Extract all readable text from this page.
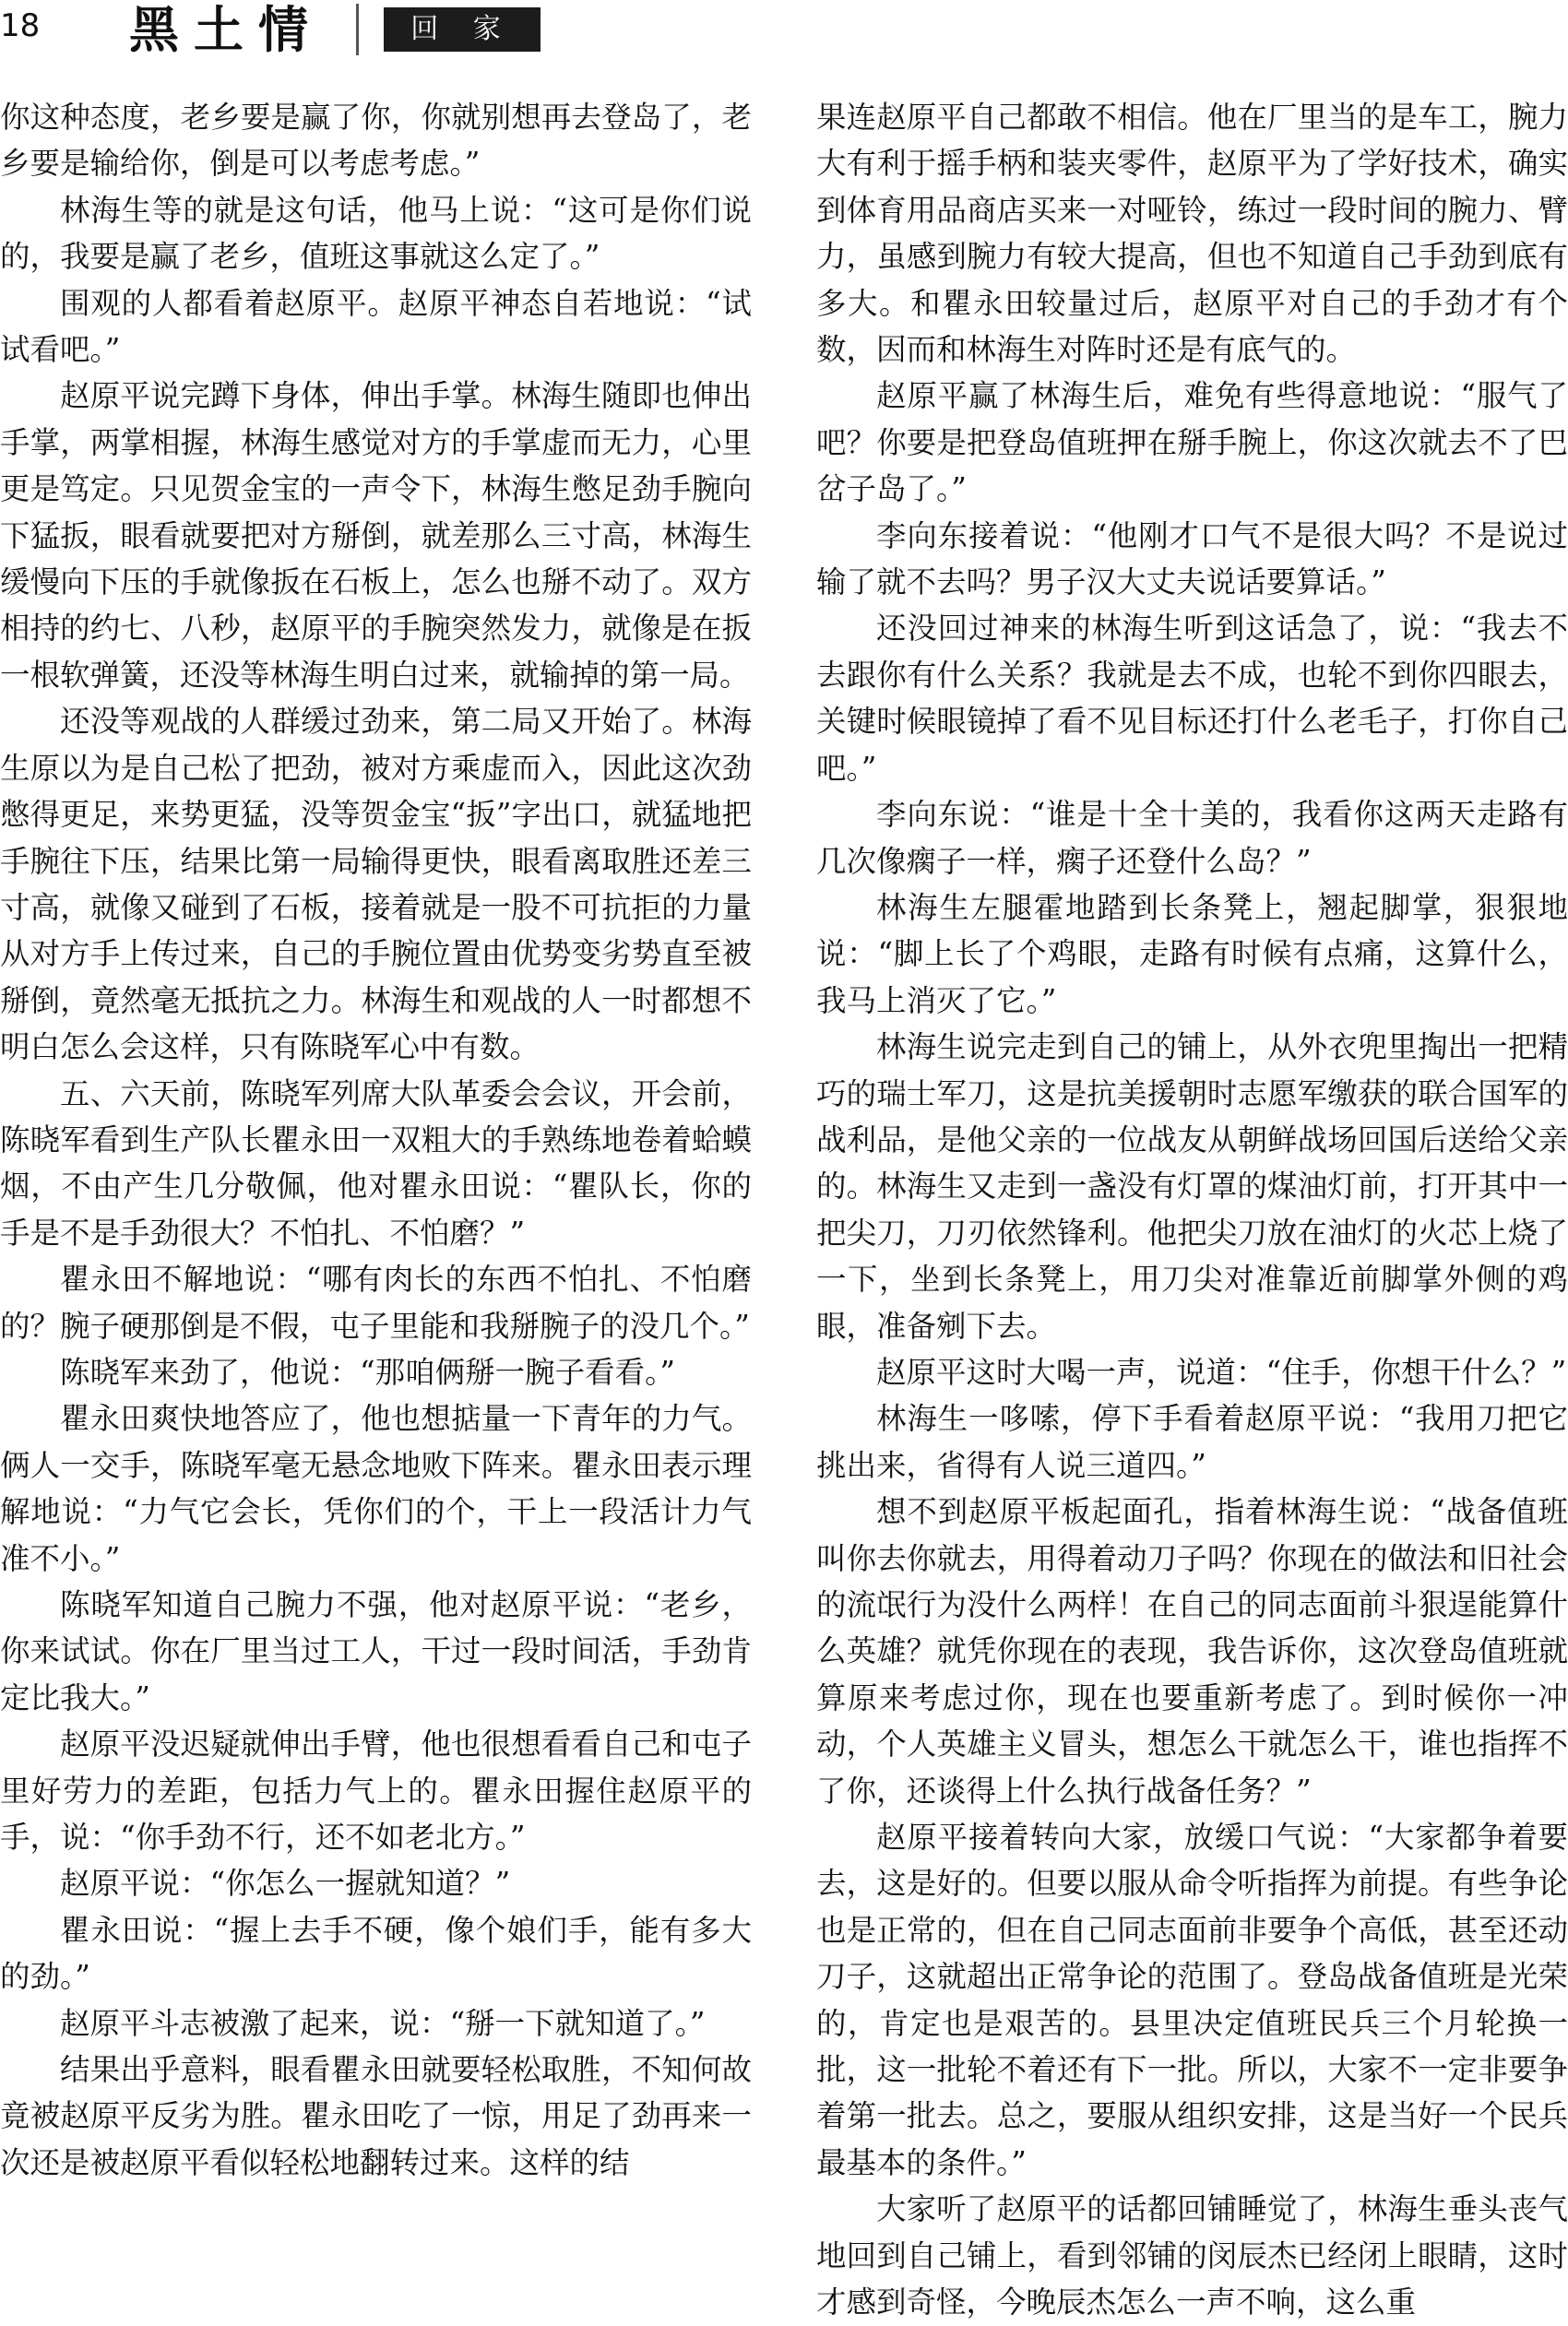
18 黑土情	回 家

你这种态度，老乡要是赢了你，你就别想再去登岛了，老乡要是输给你，倒是可以考虑考虑。”

林海生等的就是这句话，他马上说：“这可是你们说的，我要是赢了老乡，值班这事就这么定了。”

围观的人都看着赵原平。赵原平神态自若地说：“试试看吧。”

赵原平说完蹲下身体，伸出手掌。林海生随即也伸出手掌，两掌相握，林海生感觉对方的手掌虚而无力，心里更是笃定。只见贺金宝的一声令下，林海生憋足劲手腕向下猛扳，眼看就要把对方掰倒，就差那么三寸高，林海生缓慢向下压的手就像扳在石板上，怎么也掰不动了。双方相持的约七、八秒，赵原平的手腕突然发力，就像是在扳一根软弹簧，还没等林海生明白过来，就输掉的第一局。

还没等观战的人群缓过劲来，第二局又开始了。林海生原以为是自己松了把劲，被对方乘虚而入，因此这次劲憋得更足，来势更猛，没等贺金宝“扳”字出口，就猛地把手腕往下压，结果比第一局输得更快，眼看离取胜还差三寸高，就像又碰到了石板，接着就是一股不可抗拒的力量从对方手上传过来，自己的手腕位置由优势变劣势直至被掰倒，竟然毫无抵抗之力。林海生和观战的人一时都想不明白怎么会这样，只有陈晓军心中有数。

五、六天前，陈晓军列席大队革委会会议，开会前，陈晓军看到生产队长瞿永田一双粗大的手熟练地卷着蛤蟆烟，不由产生几分敬佩，他对瞿永田说：“瞿队长，你的手是不是手劲很大？不怕扎、不怕磨？”

瞿永田不解地说：“哪有肉长的东西不怕扎、不怕磨的？腕子硬那倒是不假，屯子里能和我掰腕子的没几个。”

陈晓军来劲了，他说：“那咱俩掰一腕子看看。”

瞿永田爽快地答应了，他也想掂量一下青年的力气。俩人一交手，陈晓军毫无悬念地败下阵来。瞿永田表示理解地说：“力气它会长，凭你们的个，干上一段活计力气准不小。”

陈晓军知道自己腕力不强，他对赵原平说：“老乡，你来试试。你在厂里当过工人，干过一段时间活，手劲肯定比我大。”

赵原平没迟疑就伸出手臂，他也很想看看自己和屯子里好劳力的差距，包括力气上的。瞿永田握住赵原平的手，说：“你手劲不行，还不如老北方。”

赵原平说：“你怎么一握就知道？”

瞿永田说：“握上去手不硬，像个娘们手，能有多大的劲。”

赵原平斗志被激了起来，说：“掰一下就知道了。”

结果出乎意料，眼看瞿永田就要轻松取胜，不知何故竟被赵原平反劣为胜。瞿永田吃了一惊，用足了劲再来一次还是被赵原平看似轻松地翻转过来。这样的结

果连赵原平自己都敢不相信。他在厂里当的是车工，腕力大有利于摇手柄和装夹零件，赵原平为了学好技术，确实到体育用品商店买来一对哑铃，练过一段时间的腕力、臂力，虽感到腕力有较大提高，但也不知道自己手劲到底有多大。和瞿永田较量过后，赵原平对自己的手劲才有个数，因而和林海生对阵时还是有底气的。

赵原平赢了林海生后，难免有些得意地说：“服气了吧？你要是把登岛值班押在掰手腕上，你这次就去不了巴岔子岛了。”

李向东接着说：“他刚才口气不是很大吗？不是说过输了就不去吗？男子汉大丈夫说话要算话。”

还没回过神来的林海生听到这话急了，说：“我去不去跟你有什么关系？我就是去不成，也轮不到你四眼去，关键时候眼镜掉了看不见目标还打什么老毛子，打你自己吧。”

李向东说：“谁是十全十美的，我看你这两天走路有几次像瘸子一样，瘸子还登什么岛？”

林海生左腿霍地踏到长条凳上，翘起脚掌，狠狠地说：“脚上长了个鸡眼，走路有时候有点痛，这算什么，我马上消灭了它。”

林海生说完走到自己的铺上，从外衣兜里掏出一把精巧的瑞士军刀，这是抗美援朝时志愿军缴获的联合国军的战利品，是他父亲的一位战友从朝鲜战场回国后送给父亲的。林海生又走到一盏没有灯罩的煤油灯前，打开其中一把尖刀，刀刃依然锋利。他把尖刀放在油灯的火芯上烧了一下，坐到长条凳上，用刀尖对准靠近前脚掌外侧的鸡眼，准备剜下去。

赵原平这时大喝一声，说道：“住手，你想干什么？”

林海生一哆嗦，停下手看着赵原平说：“我用刀把它挑出来，省得有人说三道四。”

想不到赵原平板起面孔，指着林海生说：“战备值班叫你去你就去，用得着动刀子吗？你现在的做法和旧社会的流氓行为没什么两样！在自己的同志面前斗狠逞能算什么英雄？就凭你现在的表现，我告诉你，这次登岛值班就算原来考虑过你，现在也要重新考虑了。到时候你一冲动，个人英雄主义冒头，想怎么干就怎么干，谁也指挥不了你，还谈得上什么执行战备任务？”

赵原平接着转向大家，放缓口气说：“大家都争着要去，这是好的。但要以服从命令听指挥为前提。有些争论也是正常的，但在自己同志面前非要争个高低，甚至还动刀子，这就超出正常争论的范围了。登岛战备值班是光荣的，肯定也是艰苦的。县里决定值班民兵三个月轮换一批，这一批轮不着还有下一批。所以，大家不一定非要争着第一批去。总之，要服从组织安排，这是当好一个民兵最基本的条件。”

大家听了赵原平的话都回铺睡觉了，林海生垂头丧气地回到自己铺上，看到邻铺的闵辰杰已经闭上眼睛，这时才感到奇怪，今晚辰杰怎么一声不响，这么重
